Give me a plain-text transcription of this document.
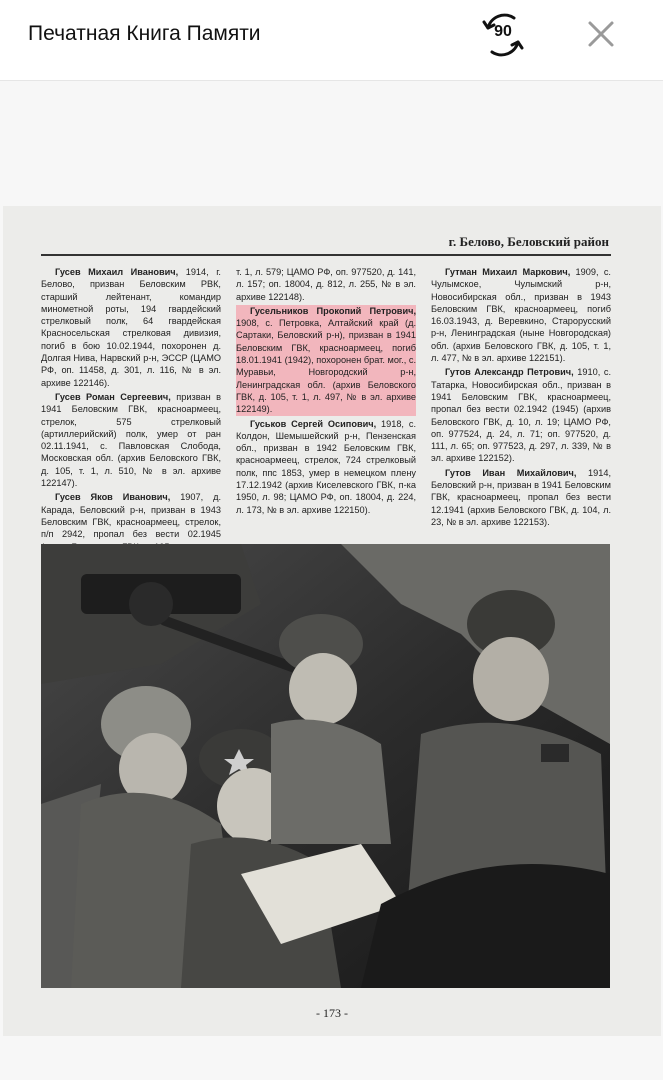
Печатная Книга Памяти	90
г. Белово, Беловский район

Гусев Михаил Иванович, 1914, г. Белово, призван Беловским РВК, старший лейтенант, командир минометной роты, 194 гвардейский стрелковый полк, 64 гвардейская Красносельская стрелковая дивизия, погиб в бою 10.02.1944, похоронен д. Долгая Нива, Нарвский р-н, ЭССР (ЦАМО РФ, оп. 11458, д. 301, л. 116, № в эл. архиве 122146).

Гусев Роман Сергеевич, призван в 1941 Беловским ГВК, красноармеец, стрелок, 575 стрелковый (артиллерийский) полк, умер от ран 02.11.1941, с. Павловская Слобода, Московская обл. (архив Беловского ГВК, д. 105, т. 1, л. 510, № в эл. архиве 122147).

Гусев Яков Иванович, 1907, д. Карада, Беловский р-н, призван в 1943 Беловским ГВК, красноармеец, стрелок, п/п 2942, пропал без вести 02.1945

т. 1, л. 579; ЦАМО РФ, оп. 977520, д. 141, л. 157; оп. 18004, д. 812, л. 255, № в эл. архиве 122148).

Гусельников Прокопий Петрович, 1908, с. Петровка, Алтайский край (д. Сартаки, Беловский р-н), призван в 1941 Беловским ГВК, красноармеец, погиб 18.01.1941 (1942), похоронен брат. мог., с. Муравьи, Новгородский р-н, Ленинградская обл. (архив Беловского ГВК, д. 105, т. 1, л. 497, № в эл. архиве 122149).

Гуськов Сергей Осипович, 1918, с. Колдон, Шемышейский р-н, Пензенская обл., призван в 1942 Беловским ГВК, красноармеец, стрелок, 724 стрелковый полк, ппс 1853, умер в немецком плену 17.12.1942 (архив Киселевского ГВК, п-ка 1950, л. 98; ЦАМО РФ, оп. 18004, д. 224, л. 173, № в эл. архиве 122150).

Гутман Михаил Маркович, 1909, с. Чулымское, Чулымский р-н, Новосибирская обл., призван в 1943 Беловским ГВК, красноармеец, погиб 16.03.1943, д. Веревкино, Старорусский р-н, Ленинградская (ныне Новгородская) обл. (архив Беловского ГВК, д. 105, т. 1, л. 477, № в эл. архиве 122151).

Гутов Александр Петрович, 1910, с. Татарка, Новосибирская обл., призван в 1941 Беловским ГВК, красноармеец, пропал без вести 02.1942 (1945) (архив Беловского ГВК, д. 10, л. 19; ЦАМО РФ, оп. 977524, д. 24, л. 71; оп. 977520, д. 111, л. 65; оп. 977523, д. 297, л. 339, № в эл. архиве 122152).

Гутов Иван Михайлович, 1914, Беловский р-н, призван в 1941 Беловским ГВК, красноармеец, пропал без вести 12.1941 (архив Беловского ГВК, д. 104, л. 23, № в эл. архиве 122153).

- 173 -
